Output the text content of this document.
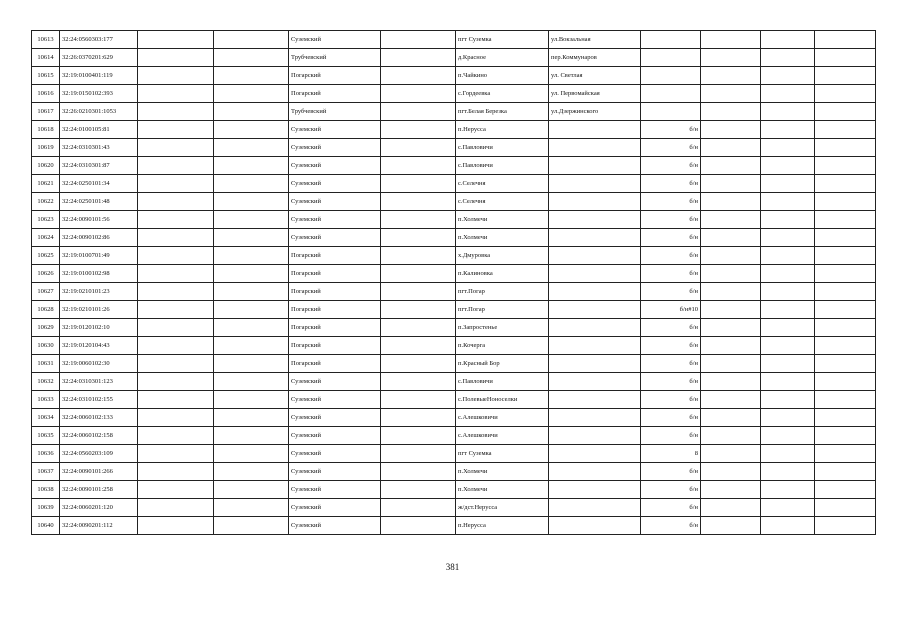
10613	32:24:0560303:177			Суземский		пгт Суземка	ул.Вокзальная				
10614	32:26:0370201:629			Трубчевский		д.Красное	пер.Коммунаров				
10615	32:19:0100401:119			Погарский		п.Чайкино	ул. Светлая				
10616	32:19:0150102:393			Погарский		с.Гордеевка	ул. Первомайская				
10617	32:26:0210301:1053			Трубчевский		пгт.Белая Березка	ул.Дзержинского				
10618	32:24:0100105:81			Суземский		п.Нерусса		б/н			
10619	32:24:0310301:43			Суземский		с.Павловичи		б/н			
10620	32:24:0310301:87			Суземский		с.Павловичи		б/н			
10621	32:24:0250101:34			Суземский		с.Селечня		б/н			
10622	32:24:0250101:48			Суземский		с.Селечня		б/н			
10623	32:24:0090101:56			Суземский		п.Холмечи		б/н			
10624	32:24:0090102:86			Суземский		п.Холмечи		б/н			
10625	32:19:0100701:49			Погарский		х.Дмуровка		б/н			
10626	32:19:0100102:98			Погарский		п.Калиновка		б/н			
10627	32:19:0210101:23			Погарский		пгт.Погар		б/н			
10628	32:19:0210101:26			Погарский		пгт.Погар		б/н#10			
10629	32:19:0120102:10			Погарский		п.Запростенье		б/н			
10630	32:19:0120104:43			Погарский		п.Кочерга		б/н			
10631	32:19:0060102:30			Погарский		п.Красный Бор		б/н			
10632	32:24:0310301:123			Суземский		с.Павловичи		б/н			
10633	32:24:0310102:155			Суземский		с.ПолевыеНоноселки		б/н			
10634	32:24:0060102:133			Суземский		с.Алешковичи		б/н			
10635	32:24:0060102:158			Суземский		с.Алешковичи		б/н			
10636	32:24:0560203:109			Суземский		пгт Суземка		8			
10637	32:24:0090101:266			Суземский		п.Холмечи		б/н			
10638	32:24:0090101:258			Суземский		п.Холмечи		б/н			
10639	32:24:0060201:120			Суземский		ж/дст.Нерусса		б/н			
10640	32:24:0090201:112			Суземский		п.Нерусса		б/н			
381
